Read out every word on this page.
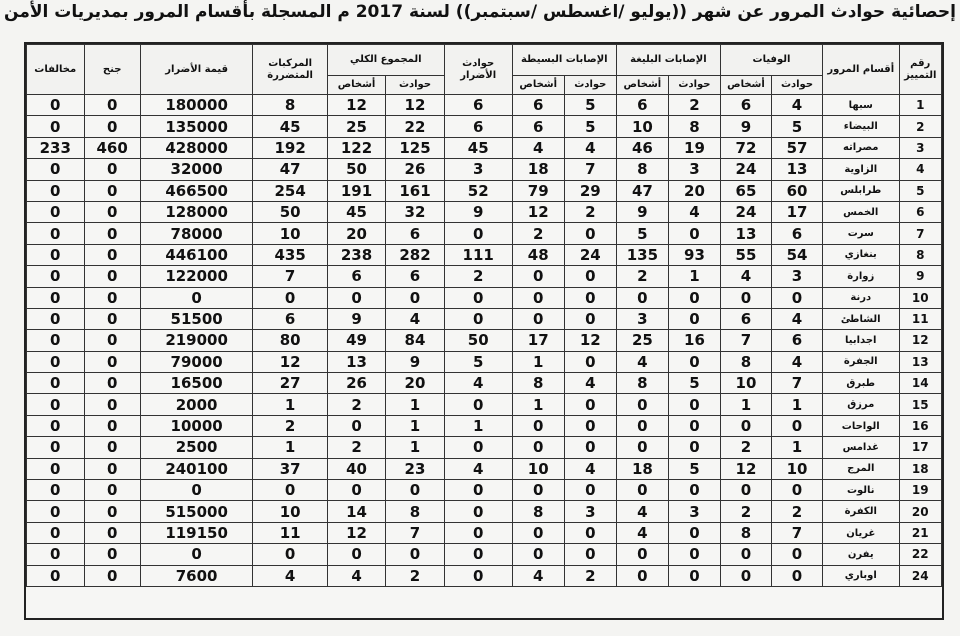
إحصائية حوادث المرور عن شهر ((يوليو /اغسطس /سبتمبر)) لسنة 2017 م المسجلة بأقسام المرور بمديريات الأمن
رقم التمييز	أقسام المرور	الوفيات		الإصابات البليغة		الإصابات البسيطة		حوادث الأضرار	المجموع الكلي		المركبات المتضررة	قيمة الأضرار	جنح	مخالفات
		حوادث	أشخاص	حوادث	أشخاص	حوادث	أشخاص		حوادث	أشخاص				
1	سبها	4	6	2	6	5	6	6	12	12	8	180000	0	0
2	البيضاء	5	9	8	10	5	6	6	22	25	45	135000	0	0
3	مصراته	57	72	19	46	4	4	45	125	122	192	428000	460	233
4	الزاوية	13	24	3	8	7	18	3	26	50	47	32000	0	0
5	طرابلس	60	65	20	47	29	79	52	161	191	254	466500	0	0
6	الخمس	17	24	4	9	2	12	9	32	45	50	128000	0	0
7	سرت	6	13	0	5	0	2	0	6	20	10	78000	0	0
8	بنغازي	54	55	93	135	24	48	111	282	238	435	446100	0	0
9	زوارة	3	4	1	2	0	0	2	6	6	7	122000	0	0
10	درنة	0	0	0	0	0	0	0	0	0	0	0	0	0
11	الشاطئ	4	6	0	3	0	0	0	4	9	6	51500	0	0
12	اجدابيا	6	7	16	25	12	17	50	84	49	80	219000	0	0
13	الجفرة	4	8	0	4	0	1	5	9	13	12	79000	0	0
14	طبرق	7	10	5	8	4	8	4	20	26	27	16500	0	0
15	مرزق	1	1	0	0	0	1	0	1	2	1	2000	0	0
16	الواحات	0	0	0	0	0	0	1	1	0	2	10000	0	0
17	غدامس	1	2	0	0	0	0	0	1	2	1	2500	0	0
18	المرج	10	12	5	18	4	10	4	23	40	37	240100	0	0
19	نالوت	0	0	0	0	0	0	0	0	0	0	0	0	0
20	الكفرة	2	2	3	4	3	8	0	8	14	10	515000	0	0
21	غريان	7	8	0	4	0	0	0	7	12	11	119150	0	0
22	يفرن	0	0	0	0	0	0	0	0	0	0	0	0	0
24	اوباري	0	0	0	0	2	4	0	2	4	4	7600	0	0
